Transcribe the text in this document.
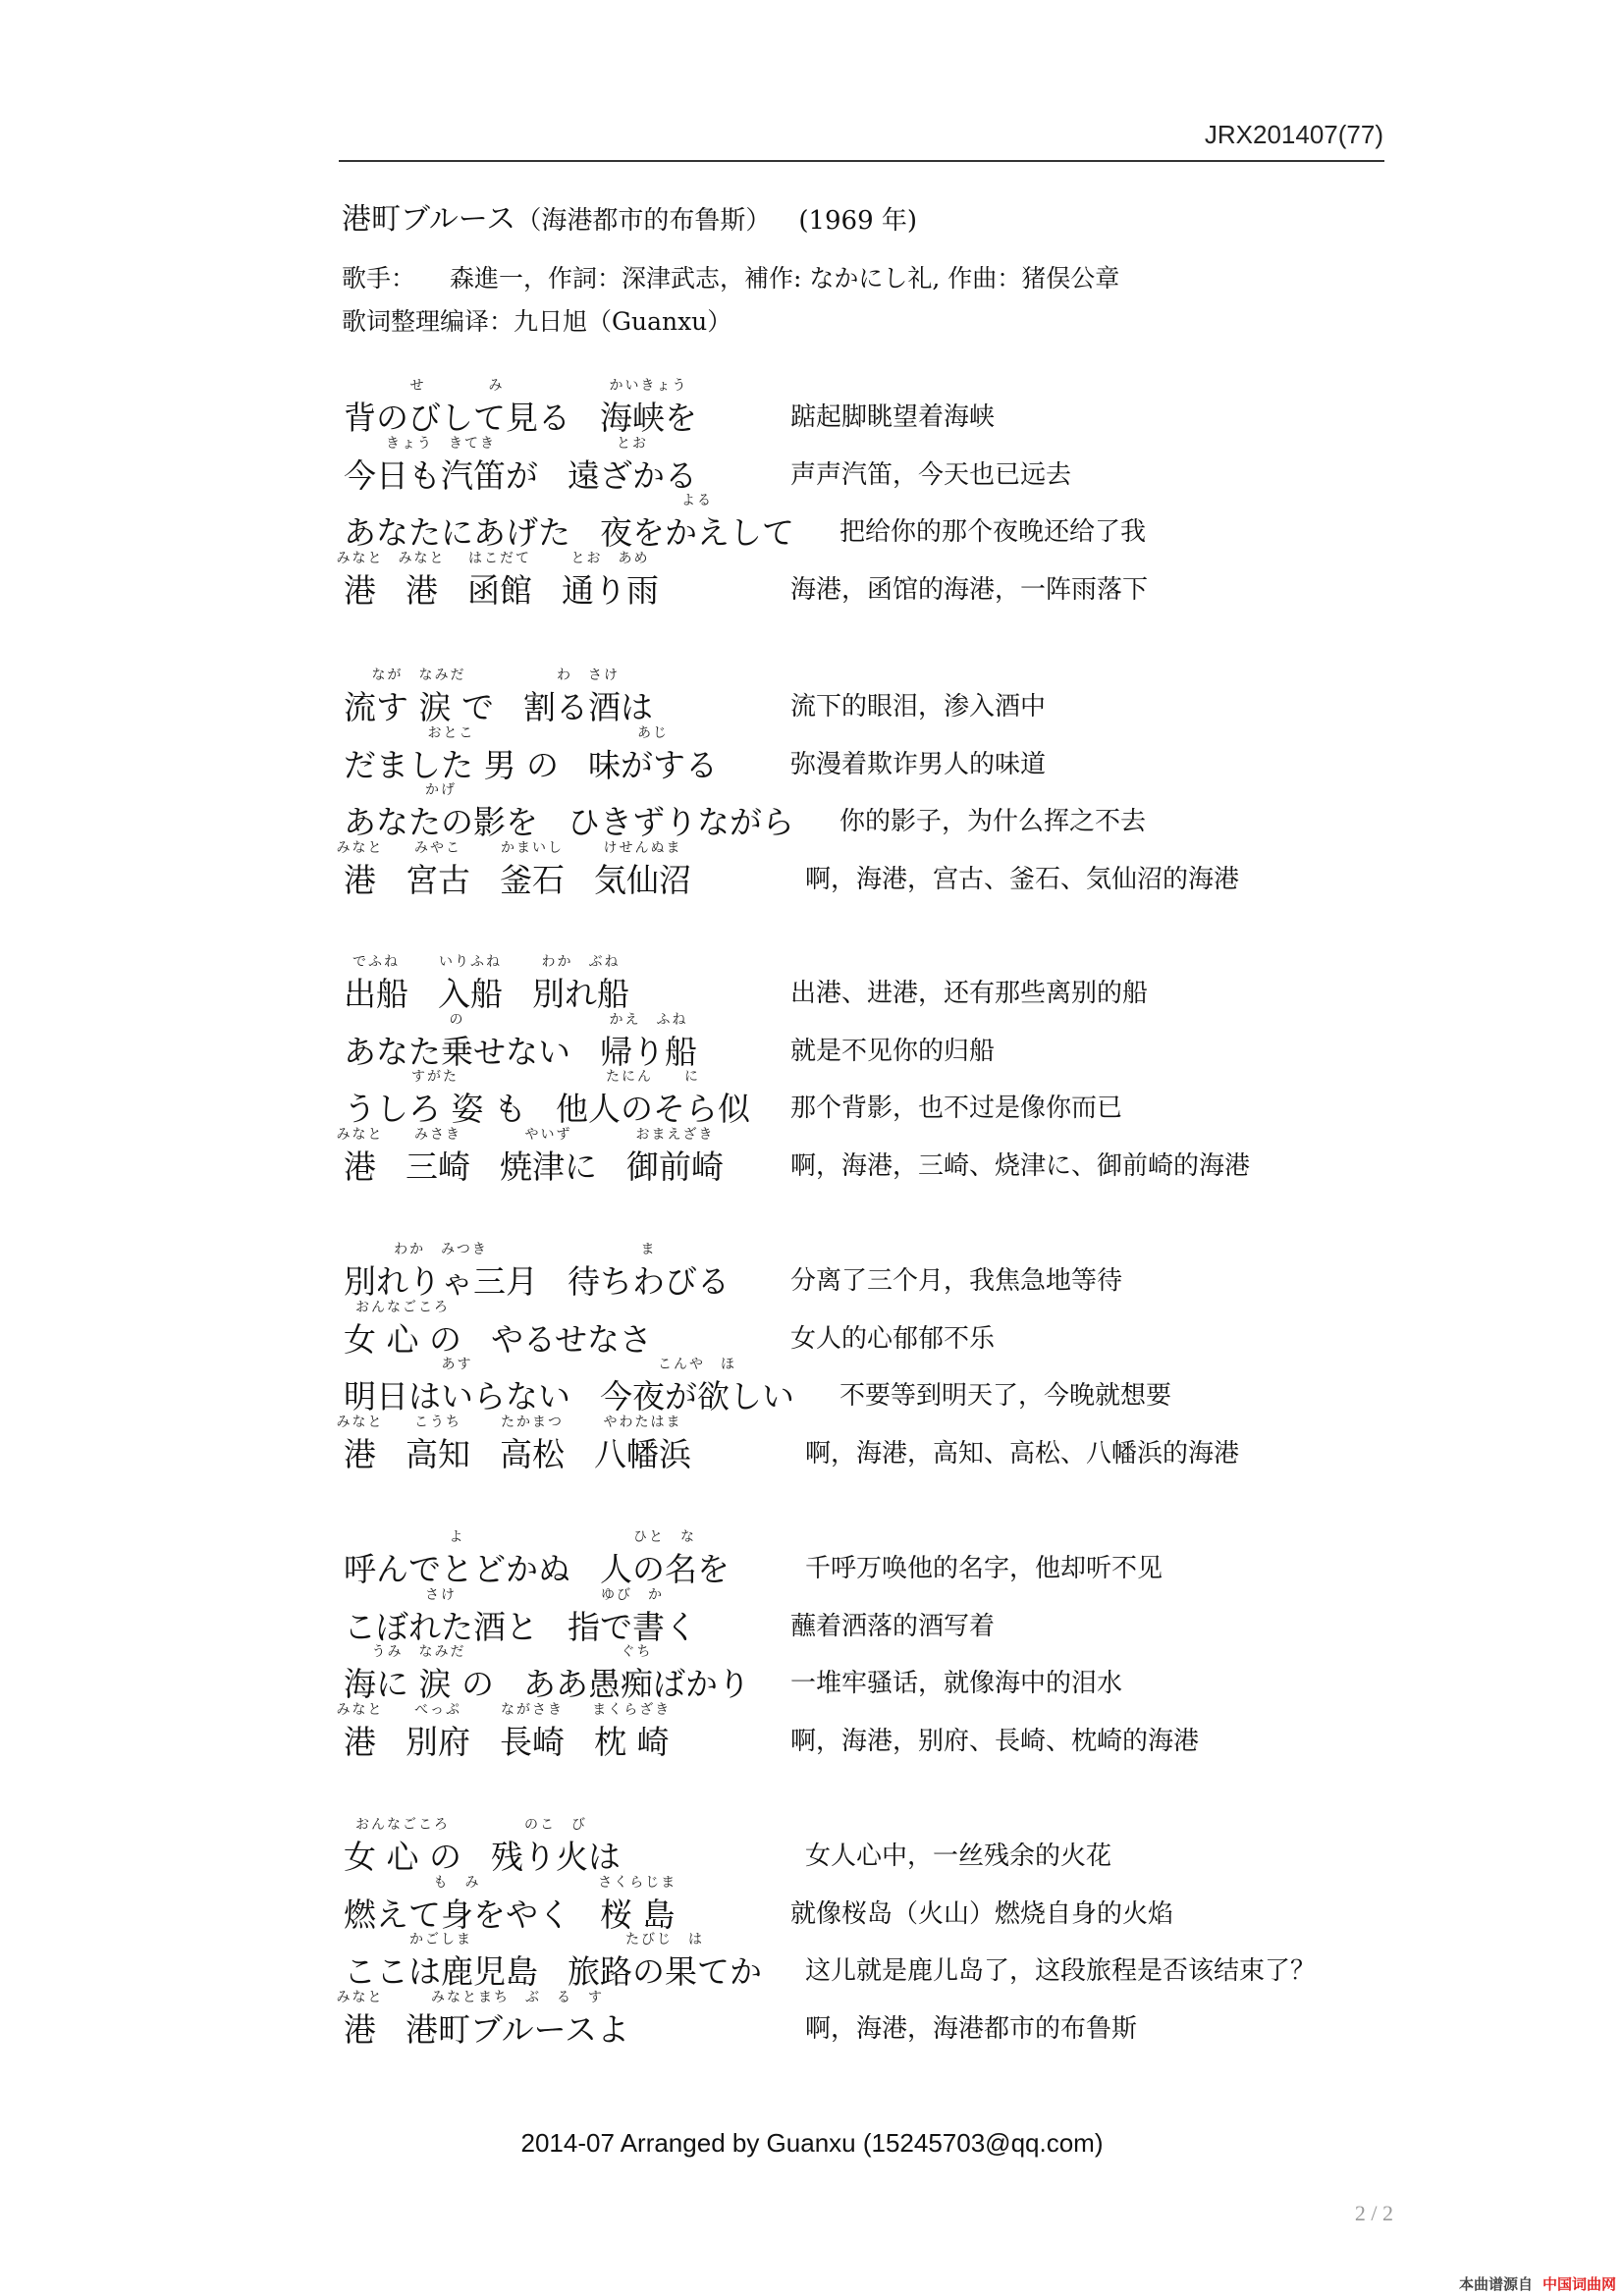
JRX201407(77)
港町ブルース（海港都市的布鲁斯） (1969 年)
歌手： 森進一，作詞：深津武志，補作: なかにし礼, 作曲：猪俣公章
歌词整理编译：九日旭（Guanxu）
せ　　　　み
背のびして見る
かいきょう
海峡を	踮起脚眺望着海峡
きょう　きてき
今日も汽笛が
とお
遠ざかる	声声汽笛，今天也已远去
あなたにあげた
よる
夜をかえして 把给你的那个夜晚还给了我
みなと
港
みなと
港
はこだて
函館
とお　あめ
通り雨	海港，函馆的海港，一阵雨落下
なが　なみだ
流す 涙 で
わ　さけ
割る酒は	流下的眼泪，渗入酒中
おとこ
だました 男 の
あじ
味がする	弥漫着欺诈男人的味道
かげ
あなたの影を ひきずりながら 你的影子，为什么挥之不去
みなと
港
みやこ
宮古
かまいし
釜石
けせんぬま
気仙沼	啊，海港，宫古、釜石、気仙沼的海港
でふね
出船
いりふね
入船
わか　ぶね
別れ船	出港、进港，还有那些离别的船
の
あなた乗せない
かえ　ふね
帰り船	就是不见你的归船
すがた
うしろ 姿 も
たにん　　に
他人のそら似 那个背影，也不过是像你而已
みなと
港
みさき
三崎
やいず
焼津に
おまえざき
御前崎	啊，海港，三崎、烧津に、御前崎的海港
わか　みつき
別れりゃ三月
ま
待ちわびる 分离了三个月，我焦急地等待
おんなごころ
女 心 の やるせなさ	女人的心郁郁不乐
あす
明日はいらない
こんや　ほ
今夜が欲しい 不要等到明天了，今晚就想要
みなと
港
こうち
高知
たかまつ
高松
やわたはま
八幡浜	啊，海港，高知、高松、八幡浜的海港
よ
呼んでとどかぬ
ひと　な
人の名を	千呼万唤他的名字，他却听不见
さけ
こぼれた酒と
ゆび　か
指で書く	蘸着洒落的酒写着
うみ　なみだ
海に 涙 の
ぐち
ああ愚痴ばかり 一堆牢骚话，就像海中的泪水
みなと
港
べっぷ
別府
ながさき
長崎
まくらざき
枕 崎	啊，海港，别府、長崎、枕崎的海港
おんなごころ
女 心 の
のこ　び
残り火は	女人心中，一丝残余的火花
も　み
燃えて身をやく
さくらじま
桜 島	就像桜岛（火山）燃烧自身的火焰
かごしま
ここは鹿児島
たびじ　は
旅路の果てか 这儿就是鹿儿岛了，这段旅程是否该结束了？
みなと
港
みなとまち　ぶ　る　す
港町ブルースよ	啊，海港，海港都市的布鲁斯
2014-07 Arranged by Guanxu (15245703@qq.com)
2 / 2
本曲谱源自 中国词曲网
